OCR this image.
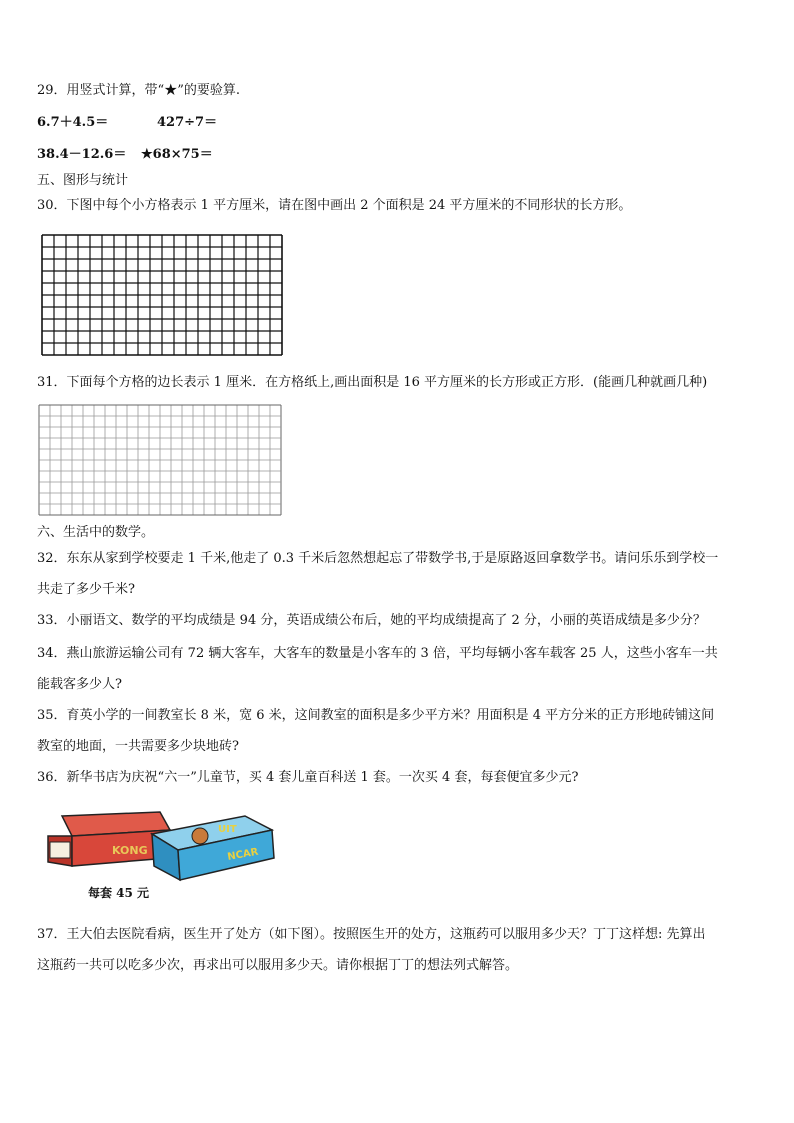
29．用竖式计算，带“★”的要验算.
6.7＋4.5＝	427÷7＝
38.4－12.6＝ ★68×75＝
五、图形与统计
30．下图中每个小方格表示 1 平方厘米，请在图中画出 2 个面积是 24 平方厘米的不同形状的长方形。
31．下面每个方格的边长表示 1 厘米．在方格纸上,画出面积是 16 平方厘米的长方形或正方形．(能画几种就画几种)
六、生活中的数学。
32．东东从家到学校要走 1 千米,他走了 0.3 千米后忽然想起忘了带数学书,于是原路返回拿数学书。请问乐乐到学校一
共走了多少千米?
33．小丽语文、数学的平均成绩是 94 分，英语成绩公布后，她的平均成绩提高了 2 分，小丽的英语成绩是多少分？
34．燕山旅游运输公司有 72 辆大客车，大客车的数量是小客车的 3 倍，平均每辆小客车载客 25 人，这些小客车一共
能载客多少人?
35．育英小学的一间教室长 8 米，宽 6 米，这间教室的面积是多少平方米？用面积是 4 平方分米的正方形地砖铺这间
教室的地面，一共需要多少块地砖?
36．新华书店为庆祝“六一”儿童节，买 4 套儿童百科送 1 套。一次买 4 套，每套便宜多少元?
KONG
UIT
NCAR
每套 45 元
37．王大伯去医院看病，医生开了处方（如下图）。按照医生开的处方，这瓶药可以服用多少天？丁丁这样想: 先算出
这瓶药一共可以吃多少次，再求出可以服用多少天。请你根据丁丁的想法列式解答。
